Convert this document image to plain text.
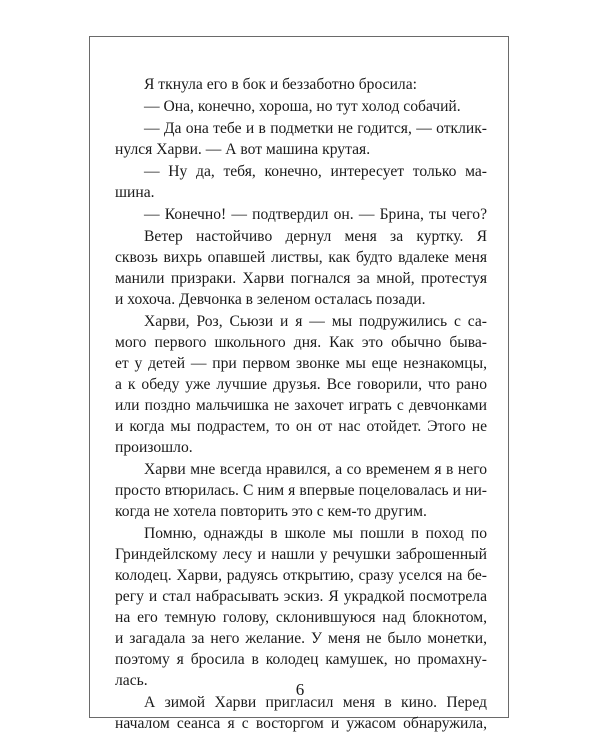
Я ткнула его в бок и беззаботно бросила:
— Она, конечно, хороша, но тут холод собачий.
— Да она тебе и в подметки не годится, — отклик-
нулся Харви. — А вот машина крутая.
— Ну да, тебя, конечно, интересует только ма-
шина.
— Конечно! — подтвердил он. — Брина, ты чего?
Ветер настойчиво дернул меня за куртку. Я
сквозь вихрь опавшей листвы, как будто вдалеке меня
манили призраки. Харви погнался за мной, протестуя
и хохоча. Девчонка в зеленом осталась позади.
Харви, Роз, Сьюзи и я — мы подружились с са-
мого первого школьного дня. Как это обычно быва-
ет у детей — при первом звонке мы еще незнакомцы,
а к обеду уже лучшие друзья. Все говорили, что рано
или поздно мальчишка не захочет играть с девчонками
и когда мы подрастем, то он от нас отойдет. Этого не
произошло.
Харви мне всегда нравился, а со временем я в него
просто втюрилась. С ним я впервые поцеловалась и ни-
когда не хотела повторить это с кем-то другим.
Помню, однажды в школе мы пошли в поход по
Гриндейлскому лесу и нашли у речушки заброшенный
колодец. Харви, радуясь открытию, сразу уселся на бе-
регу и стал набрасывать эскиз. Я украдкой посмотрела
на его темную голову, склонившуюся над блокнотом,
и загадала за него желание. У меня не было монетки,
поэтому я бросила в колодец камушек, но промахну-
лась.
А зимой Харви пригласил меня в кино. Перед
началом сеанса я с восторгом и ужасом обнаружила,
6
